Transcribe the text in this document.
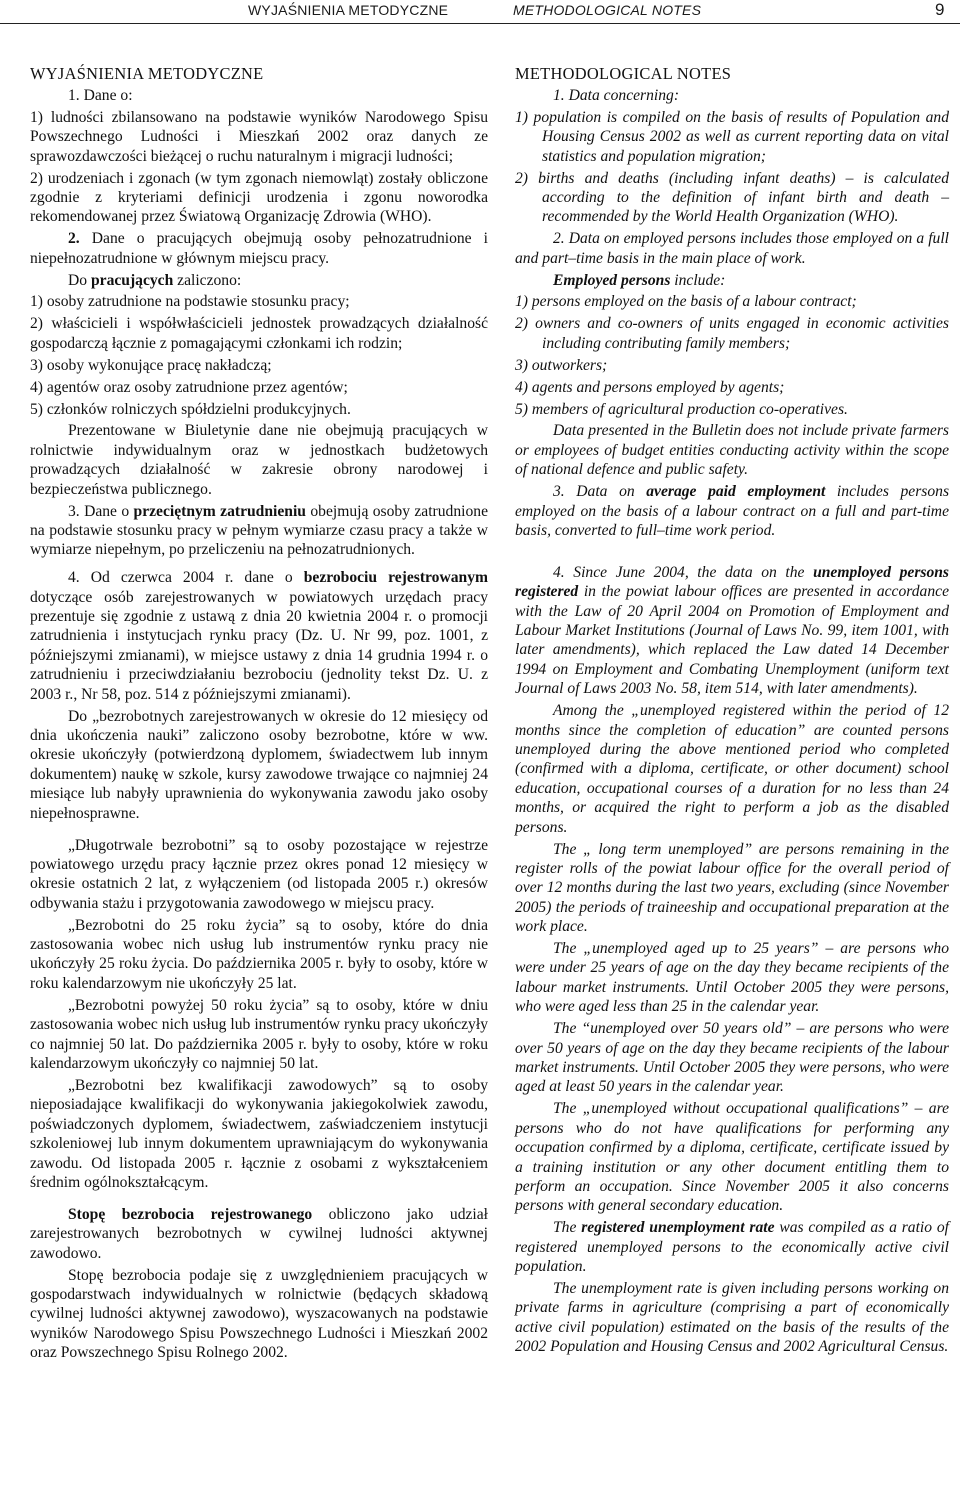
WYJAŚNIENIA METODYCZNE	METHODOLOGICAL NOTES	9

WYJAŚNIENIA METODYCZNE

1. Dane o:

1) ludności zbilansowano na podstawie wyników Narodowego Spisu Powszechnego Ludności i Mieszkań 2002 oraz danych ze sprawozdawczości bieżącej o ruchu naturalnym i migracji ludności;

2) urodzeniach i zgonach (w tym zgonach niemowląt) zostały obliczone zgodnie z kryteriami definicji urodzenia i zgonu noworodka rekomendowanej przez Światową Organizację Zdrowia (WHO).

2. Dane o pracujących obejmują osoby pełnozatrudnione i niepełnozatrudnione w głównym miejscu pracy.

Do pracujących zaliczono:

1) osoby zatrudnione na podstawie stosunku pracy;

2) właścicieli i współwłaścicieli jednostek prowadzących działalność gospodarczą łącznie z pomagającymi członkami ich rodzin;

3) osoby wykonujące pracę nakładczą;

4) agentów oraz osoby zatrudnione przez agentów;

5) członków rolniczych spółdzielni produkcyjnych.

Prezentowane w Biuletynie dane nie obejmują pracujących w rolnictwie indywidualnym oraz w jednostkach budżetowych prowadzących działalność w zakresie obrony narodowej i bezpieczeństwa publicznego.

3. Dane o przeciętnym zatrudnieniu obejmują osoby zatrudnione na podstawie stosunku pracy w pełnym wymiarze czasu pracy a także w wymiarze niepełnym, po przeliczeniu na pełnozatrudnionych.

4. Od czerwca 2004 r. dane o bezrobociu rejestrowanym dotyczące osób zarejestrowanych w powiatowych urzędach pracy prezentuje się zgodnie z ustawą z dnia 20 kwietnia 2004 r. o promocji zatrudnienia i instytucjach rynku pracy (Dz. U. Nr 99, poz. 1001, z późniejszymi zmianami), w miejsce ustawy z dnia 14 grudnia 1994 r. o zatrudnieniu i przeciwdziałaniu bezrobociu (jednolity tekst Dz. U. z 2003 r., Nr 58, poz. 514 z późniejszymi zmianami).

Do „bezrobotnych zarejestrowanych w okresie do 12 miesięcy od dnia ukończenia nauki” zaliczono osoby bezrobotne, które w ww. okresie ukończyły (potwierdzoną dyplomem, świadectwem lub innym dokumentem) naukę w szkole, kursy zawodowe trwające co najmniej 24 miesiące lub nabyły uprawnienia do wykonywania zawodu jako osoby niepełnosprawne.

„Długotrwale bezrobotni” są to osoby pozostające w rejestrze powiatowego urzędu pracy łącznie przez okres ponad 12 miesięcy w okresie ostatnich 2 lat, z wyłączeniem (od listopada 2005 r.) okresów odbywania stażu i przygotowania zawodowego w miejscu pracy.

„Bezrobotni do 25 roku życia” są to osoby, które do dnia zastosowania wobec nich usług lub instrumentów rynku pracy nie ukończyły 25 roku życia. Do października 2005 r. były to osoby, które w roku kalendarzowym nie ukończyły 25 lat.

„Bezrobotni powyżej 50 roku życia” są to osoby, które w dniu zastosowania wobec nich usług lub instrumentów rynku pracy ukończyły co najmniej 50 lat. Do października 2005 r. były to osoby, które w roku kalendarzowym ukończyły co najmniej 50 lat.

„Bezrobotni bez kwalifikacji zawodowych” są to osoby nieposiadające kwalifikacji do wykonywania jakiegokolwiek zawodu, poświadczonych dyplomem, świadectwem, zaświadczeniem instytucji szkoleniowej lub innym dokumentem uprawniającym do wykonywania zawodu. Od listopada 2005 r. łącznie z osobami z wykształceniem średnim ogólnokształcącym.

Stopę bezrobocia rejestrowanego obliczono jako udział zarejestrowanych bezrobotnych w cywilnej ludności aktywnej zawodowo.

Stopę bezrobocia podaje się z uwzględnieniem pracujących w gospodarstwach indywidualnych w rolnictwie (będących składową cywilnej ludności aktywnej zawodowo), wyszacowanych na podstawie wyników Narodowego Spisu Powszechnego Ludności i Mieszkań 2002 oraz Powszechnego Spisu Rolnego 2002.

METHODOLOGICAL NOTES

1. Data concerning:

1) population is compiled on the basis of results of Population and Housing Census 2002 as well as current reporting data on vital statistics and population migration;

2) births and deaths (including infant deaths) – is calculated according to the definition of infant birth and death – recommended by the World Health Organization (WHO).

2. Data on employed persons includes those employed on a full and part–time basis in the main place of work.

Employed persons include:

1) persons employed on the basis of a labour contract;

2) owners and co-owners of units engaged in economic activities including contributing family members;

3) outworkers;

4) agents and persons employed by agents;

5) members of agricultural production co-operatives.

Data presented in the Bulletin does not include private farmers or employees of budget entities conducting activity within the scope of national defence and public safety.

3. Data on average paid employment includes persons employed on the basis of a labour contract on a full and part-time basis, converted to full–time work period.

4. Since June 2004, the data on the unemployed persons registered in the powiat labour offices are presented in accordance with the Law of 20 April 2004 on Promotion of Employment and Labour Market Institutions (Journal of Laws No. 99, item 1001, with later amendments), which replaced the Law dated 14 December 1994 on Employment and Combating Unemployment (uniform text Journal of Laws 2003 No. 58, item 514, with later amendments).

Among the „unemployed registered within the period of 12 months since the completion of education” are counted persons unemployed during the above mentioned period who completed (confirmed with a diploma, certificate, or other document) school education, occupational courses of a duration for no less than 24 months, or acquired the right to perform a job as the disabled persons.

The „ long term unemployed” are persons remaining in the register rolls of the powiat labour office for the overall period of over 12 months during the last two years, excluding (since November 2005) the periods of traineeship and occupational preparation at the work place.

The „unemployed aged up to 25 years” – are persons who were under 25 years of age on the day they became recipients of the labour market instruments. Until October 2005 they were persons, who were aged less than 25 in the calendar year.

The “unemployed over 50 years old” – are persons who were over 50 years of age on the day they became recipients of the labour market instruments. Until October 2005 they were persons, who were aged at least 50 years in the calendar year.

The „unemployed without occupational qualifications” – are persons who do not have qualifications for performing any occupation confirmed by a diploma, certificate, certificate issued by a training institution or any other document entitling them to perform an occupation. Since November 2005 it also concerns persons with general secondary education.

The registered unemployment rate was compiled as a ratio of registered unemployed persons to the economically active civil population.

The unemployment rate is given including persons working on private farms in agriculture (comprising a part of economically active civil population) estimated on the basis of the results of the 2002 Population and Housing Census and 2002 Agricultural Census.
